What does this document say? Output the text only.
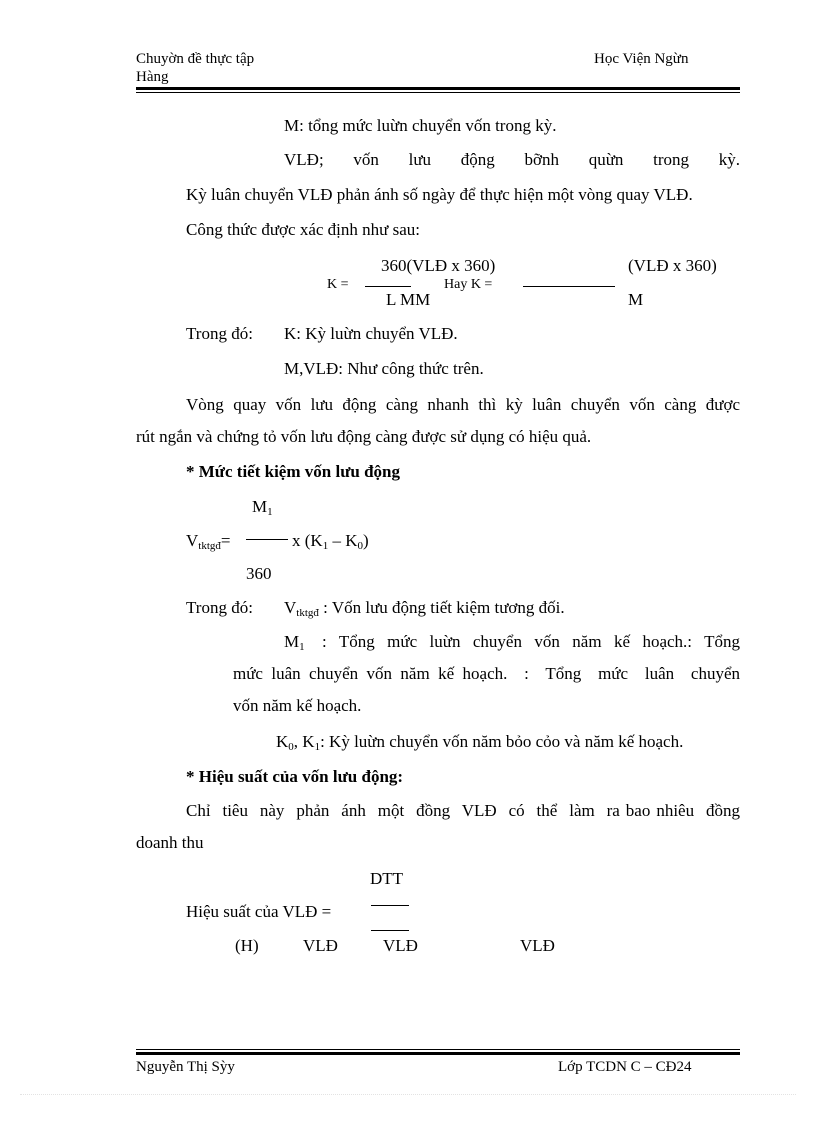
Chuyờn đề thực tập
Hàng
Học Viện Ngừn
M: tổng mức luừn chuyển vốn trong kỳ.
VLĐ; vốn lưu động bỡnh quừn trong kỳ.
Kỳ luân chuyển VLĐ phản ánh số ngày để thực hiện một vòng quay VLĐ.
Công thức được xác định như sau:
360(VLĐ x 360)
K =
L MM
Hay K =
(VLĐ x 360)
M
Trong đó: K: Kỳ luừn chuyển VLĐ.
M,VLĐ: Như công thức trên.
Vòng quay vốn lưu động càng nhanh thì kỳ luân chuyển vốn càng được
rút ngắn và chứng tỏ vốn lưu động càng được sử dụng có hiệu quả.
* Mức tiết kiệm vốn lưu động
$M_1$
$V_{tktgđ}=$	x $(K_1 - K_0)$
360
Trong đó: $V_{tktgđ}$ : Vốn lưu động tiết kiệm tương đối.
$M_1$ : Tổng mức luừn chuyển vốn năm kế hoạch.: Tổng
mức luân chuyển vốn năm kế hoạch.  :  Tổng  mức  luân  chuyển
vốn năm kế hoạch.
$K_0$, $K_1$: Kỳ luừn chuyển vốn năm bỏo cỏo và năm kế hoạch.
* Hiệu suất của vốn lưu động:
Chỉ  tiêu  này  phản  ánh  một  đồng  VLĐ  có  thể  làm  ra bao nhiêu  đồng
doanh thu
DTT
Hiệu suất của VLĐ =
(H)	VLĐ	VLĐ	VLĐ
Nguyễn Thị Sỳy	Lớp TCDN C – CĐ24
